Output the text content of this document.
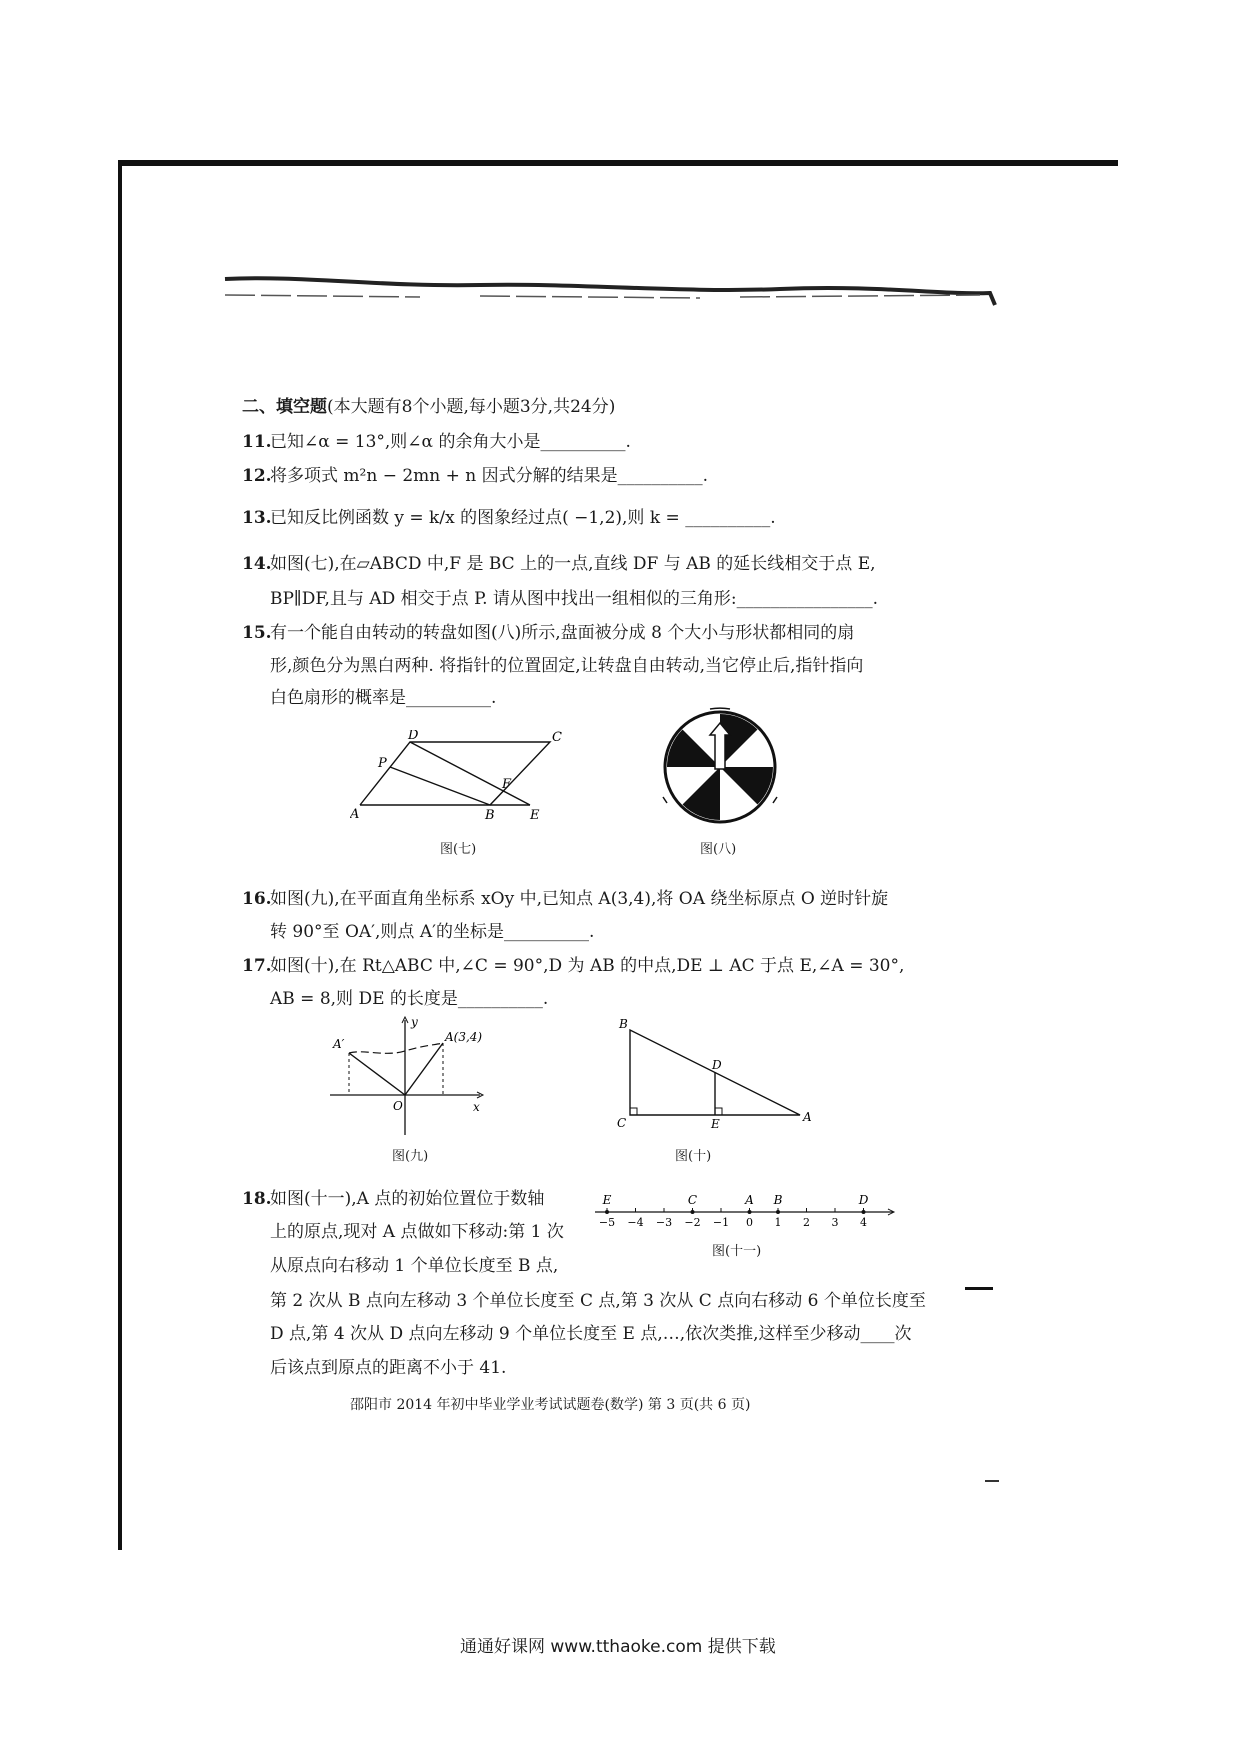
二、填空题(本大题有8个小题,每小题3分,共24分)
11.已知∠α = 13°,则∠α 的余角大小是__________.
12.将多项式 m²n − 2mn + n 因式分解的结果是__________.
13.已知反比例函数 y = k/x 的图象经过点( −1,2),则 k = __________.
14.如图(七),在▱ABCD 中,F 是 BC 上的一点,直线 DF 与 AB 的延长线相交于点 E,
BP∥DF,且与 AD 相交于点 P. 请从图中找出一组相似的三角形:________________.
15.有一个能自由转动的转盘如图(八)所示,盘面被分成 8 个大小与形状都相同的扇
形,颜色分为黑白两种. 将指针的位置固定,让转盘自由转动,当它停止后,指针指向
白色扇形的概率是__________.
D	C
P
F
A	B	E
图(七)	图(八)
16.如图(九),在平面直角坐标系 xOy 中,已知点 A(3,4),将 OA 绕坐标原点 O 逆时针旋
转 90°至 OA′,则点 A′的坐标是__________.
17.如图(十),在 Rt△ABC 中,∠C = 90°,D 为 AB 的中点,DE ⊥ AC 于点 E,∠A = 30°,
AB = 8,则 DE 的长度是__________.
A′
y
A(3,4)
O	x
图(九)
B
D
C	E	A
图(十)
18.如图(十一),A 点的初始位置位于数轴
上的原点,现对 A 点做如下移动:第 1 次
从原点向右移动 1 个单位长度至 B 点,
第 2 次从 B 点向左移动 3 个单位长度至 C 点,第 3 次从 C 点向右移动 6 个单位长度至
D 点,第 4 次从 D 点向左移动 9 个单位长度至 E 点,…,依次类推,这样至少移动____次
后该点到原点的距离不小于 41.
−5 −4 −3 −2 −1 0 1 2 3 4
E	C	A B	D
图(十一)
邵阳市 2014 年初中毕业学业考试试题卷(数学) 第 3 页(共 6 页)
通通好课网 www.tthaoke.com 提供下载
